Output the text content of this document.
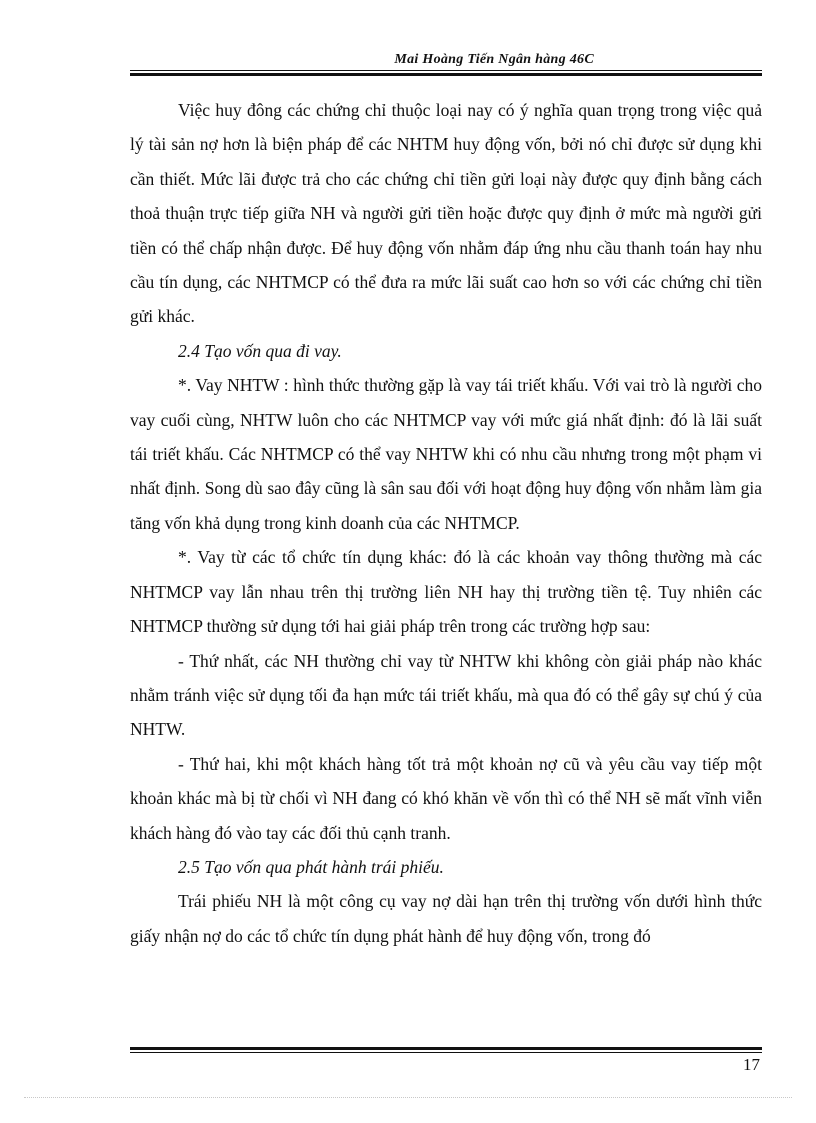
Mai Hoàng Tiến Ngân hàng 46C

Việc huy đông các chứng chỉ thuộc loại nay có ý nghĩa quan trọng trong việc quả lý tài sản nợ hơn là biện pháp để các NHTM huy động vốn, bởi nó chỉ được sử dụng khi cần thiết. Mức lãi được trả cho các chứng chỉ tiền gửi loại này được quy định bằng cách thoả thuận trực tiếp giữa NH và người gửi tiền hoặc được quy định ở mức mà người gửi tiền có thể chấp nhận được. Để huy động vốn nhằm đáp ứng nhu cầu thanh toán hay nhu cầu tín dụng, các NHTMCP có thể đưa ra mức lãi suất cao hơn so với các chứng chỉ tiền gửi khác.

2.4 Tạo vốn qua đi vay.

*. Vay NHTW : hình thức thường gặp là vay tái triết khấu. Với vai trò là người cho vay cuối cùng, NHTW luôn cho các NHTMCP vay với mức giá nhất định: đó là lãi suất tái triết khấu. Các NHTMCP có thể vay NHTW khi có nhu cầu nhưng trong một phạm vi nhất định. Song dù sao đây cũng là sân sau đối với hoạt động huy động vốn nhằm làm gia tăng vốn khả dụng trong kinh doanh của các NHTMCP.

*. Vay từ các tổ chức tín dụng khác: đó là các khoản vay thông thường mà các NHTMCP vay lẫn nhau trên thị trường liên NH hay thị trường tiền tệ. Tuy nhiên các NHTMCP thường sử dụng tới hai giải pháp trên trong các trường hợp sau:

- Thứ nhất, các NH thường chỉ vay từ NHTW khi không còn giải pháp nào khác nhằm tránh việc sử dụng tối đa hạn mức tái triết khấu, mà qua đó có thể gây sự chú ý của NHTW.

- Thứ hai, khi một khách hàng tốt trả một khoản nợ cũ và yêu cầu vay tiếp một khoản khác mà bị từ chối vì NH đang có khó khăn về vốn thì có thể NH sẽ mất vĩnh viễn khách hàng đó vào tay các đối thủ cạnh tranh.

2.5 Tạo vốn qua phát hành trái phiếu.

Trái phiếu NH là một công cụ vay nợ dài hạn trên thị trường vốn dưới hình thức giấy nhận nợ do các tổ chức tín dụng phát hành để huy động vốn, trong đó

17
